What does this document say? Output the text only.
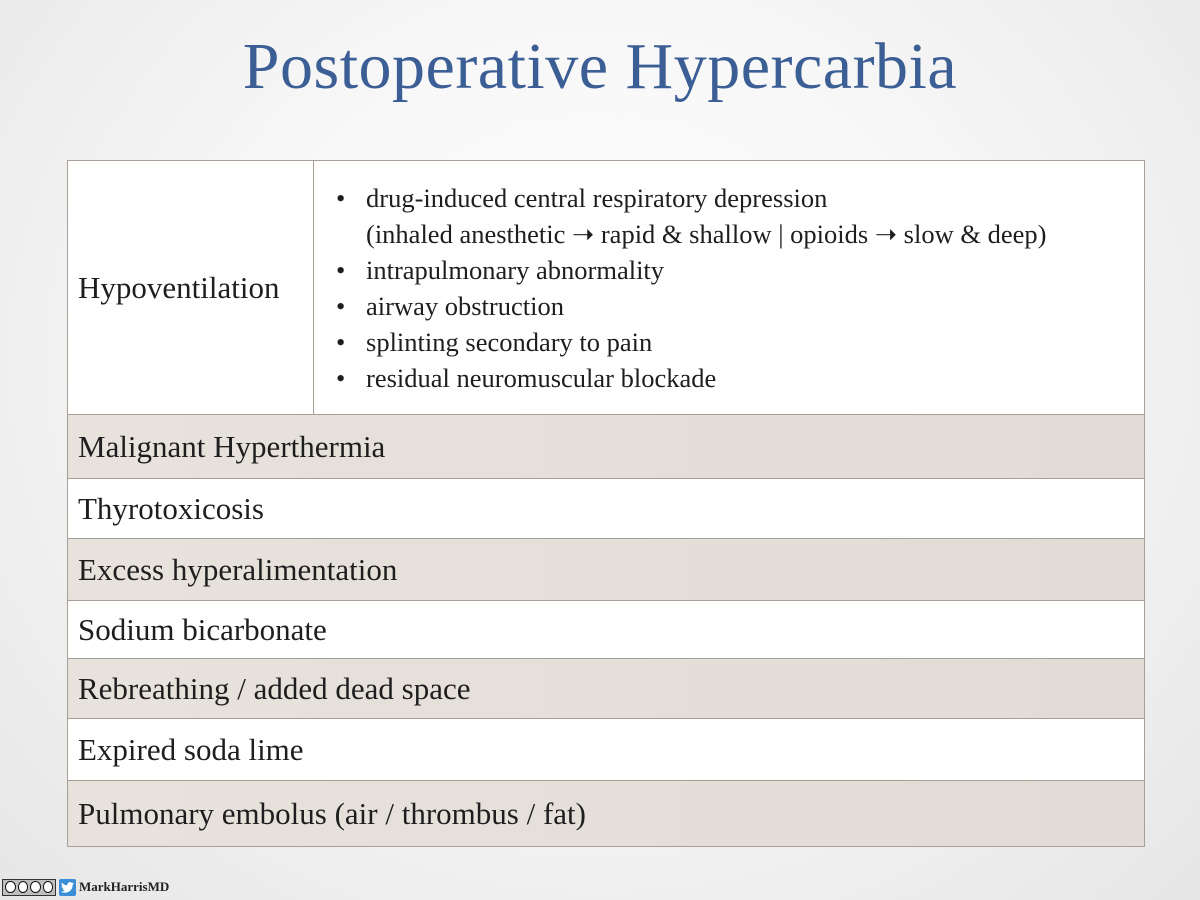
Postoperative Hypercarbia
Hypoventilation	
• drug-induced central respiratory depression
(inhaled anesthetic ➝ rapid & shallow | opioids ➝ slow & deep)
• intrapulmonary abnormality
• airway obstruction
• splinting secondary to pain
• residual neuromuscular blockade

Malignant Hyperthermia
Thyrotoxicosis
Excess hyperalimentation
Sodium bicarbonate
Rebreathing / added dead space
Expired soda lime
Pulmonary embolus (air / thrombus / fat)
MarkHarrisMD
